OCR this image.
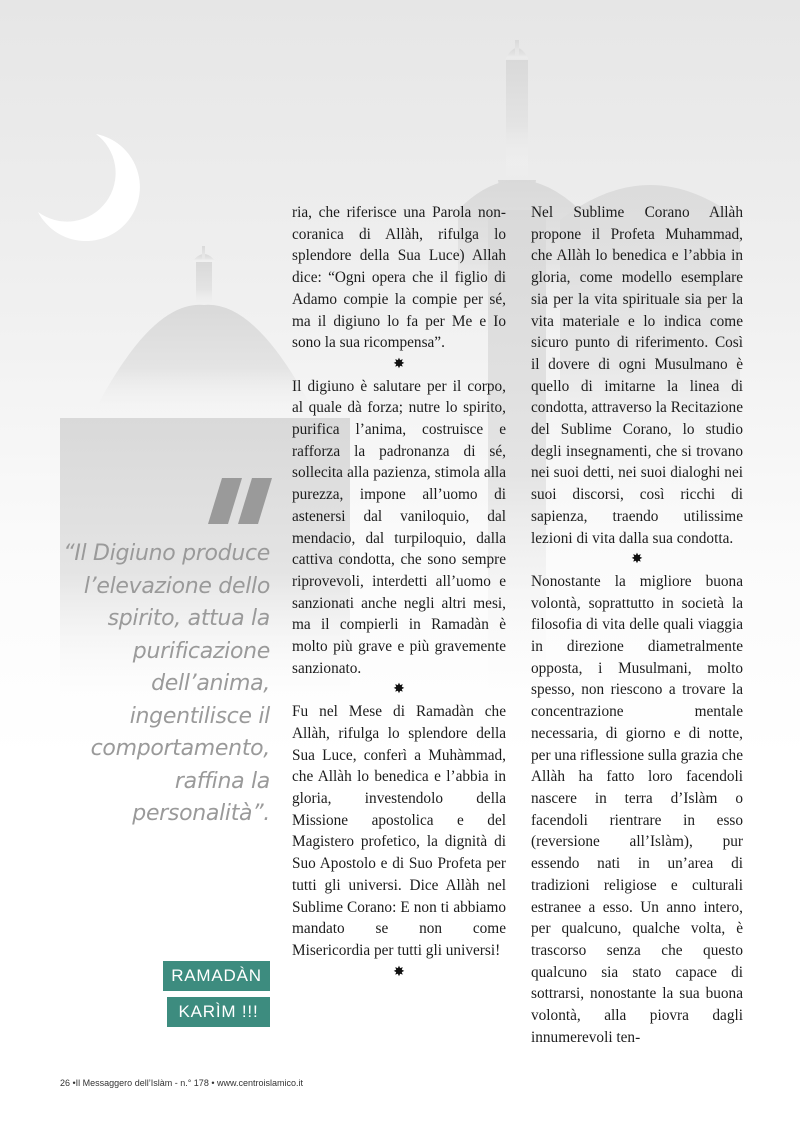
ria, che riferisce una Parola non-coranica di Allàh, rifulga lo splendore della Sua Luce) Allah dice: “Ogni opera che il figlio di Adamo compie la compie per sé, ma il digiuno lo fa per Me e Io sono la sua ricompensa”.

✸

Il digiuno è salutare per il corpo, al quale dà forza; nutre lo spirito, purifica l’anima, costruisce e rafforza la padronanza di sé, sollecita alla pazienza, stimola alla purezza, impone all’uomo di astenersi dal vaniloquio, dal mendacio, dal turpiloquio, dalla cattiva condotta, che sono sempre riprovevoli, interdetti all’uomo e sanzionati anche negli altri mesi, ma il compierli in Ramadàn è molto più grave e più gravemente sanzionato.

✸

Fu nel Mese di Ramadàn che Allàh, rifulga lo splendore della Sua Luce, conferì a Muhàmmad, che Allàh lo benedica e l’abbia in gloria, investendolo della Missione apostolica e del Magistero profetico, la dignità di Suo Apostolo e di Suo Profeta per tutti gli universi. Dice Allàh nel Sublime Corano: E non ti abbiamo mandato se non come Misericordia per tutti gli universi!

✸

Nel Sublime Corano Allàh propone il Profeta Muhammad, che Allàh lo benedica e l’abbia in gloria, come modello esemplare sia per la vita spirituale sia per la vita materiale e lo indica come sicuro punto di riferimento. Così il dovere di ogni Musulmano è quello di imitarne la linea di condotta, attraverso la Recitazione del Sublime Corano, lo studio degli insegnamenti, che si trovano nei suoi detti, nei suoi dialoghi nei suoi discorsi, così ricchi di sapienza, traendo utilissime lezioni di vita dalla sua condotta.

✸

Nonostante la migliore buona volontà, soprattutto in società la filosofia di vita delle quali viaggia in direzione diametralmente opposta, i Musulmani, molto spesso, non riescono a trovare la concentrazione mentale necessaria, di giorno e di notte, per una riflessione sulla grazia che Allàh ha fatto loro facendoli nascere in terra d’Islàm o facendoli rientrare in esso (reversione all’Islàm), pur essendo nati in un’area di tradizioni religiose e culturali estranee a esso. Un anno intero, per qualcuno, qualche volta, è trascorso senza che questo qualcuno sia stato capace di sottrarsi, nonostante la sua buona volontà, alla piovra dagli innumerevoli ten-

“Il Digiuno produce l’elevazione dello spirito, attua la purificazione dell’anima, ingentilisce il comportamento, raffina la personalità”.
RAMADÀN
KARÌM !!!
26 •Il Messaggero dell’Islàm - n.° 178 • www.centroislamico.it
